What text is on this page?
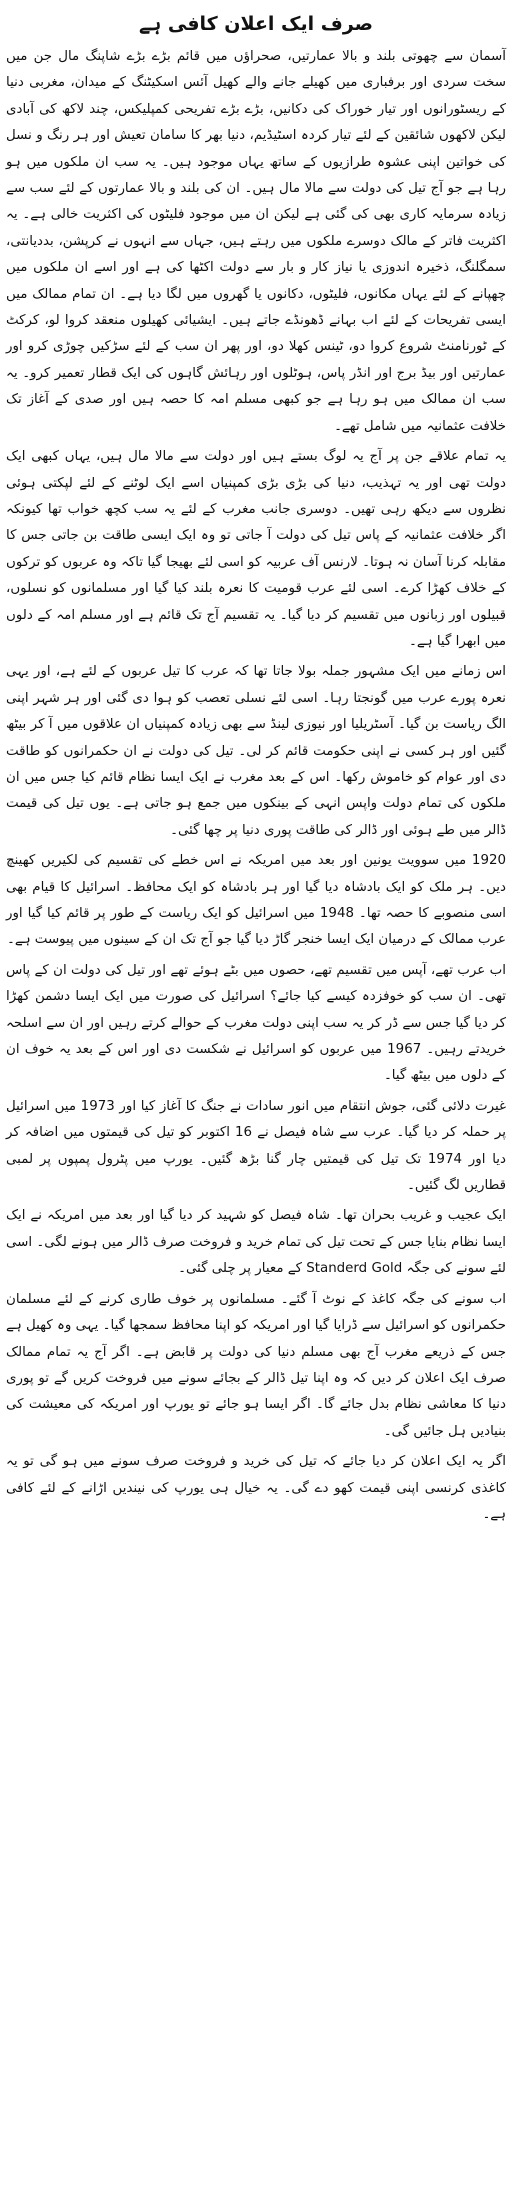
صرف ایک اعلان کافی ہے

آسمان سے چھوتی بلند و بالا عمارتیں، صحراؤں میں قائم بڑے بڑے شاپنگ مال جن میں سخت سردی اور برفباری میں کھیلے جانے والے کھیل آئس اسکیٹنگ کے میدان، مغربی دنیا کے ریسٹورانوں اور تیار خوراک کی دکانیں، بڑے بڑے تفریحی کمپلیکس، چند لاکھ کی آبادی لیکن لاکھوں شائقین کے لئے تیار کردہ اسٹیڈیم، دنیا بھر کا سامان تعیش اور ہر رنگ و نسل کی خواتین اپنی عشوہ طرازیوں کے ساتھ یہاں موجود ہیں۔ یہ سب ان ملکوں میں ہو رہا ہے جو آج تیل کی دولت سے مالا مال ہیں۔ ان کی بلند و بالا عمارتوں کے لئے سب سے زیادہ سرمایہ کاری بھی کی گئی ہے لیکن ان میں موجود فلیٹوں کی اکثریت خالی ہے۔ یہ اکثریت فاتر کے مالک دوسرے ملکوں میں رہتے ہیں، جہاں سے انہوں نے کرپشن، بددیانتی، سمگلنگ، ذخیرہ اندوزی یا نیاز کار و بار سے دولت اکٹھا کی ہے اور اسے ان ملکوں میں چھپانے کے لئے یہاں مکانوں، فلیٹوں، دکانوں یا گھروں میں لگا دیا ہے۔ ان تمام ممالک میں ایسی تفریحات کے لئے اب بہانے ڈھونڈے جاتے ہیں۔ ایشیائی کھیلوں منعقد کروا لو، کرکٹ کے ٹورنامنٹ شروع کروا دو، ٹینس کھلا دو، اور پھر ان سب کے لئے سڑکیں چوڑی کرو اور عمارتیں اور بیڈ برج اور انڈر پاس، ہوٹلوں اور رہائش گاہوں کی ایک قطار تعمیر کرو۔ یہ سب ان ممالک میں ہو رہا ہے جو کبھی مسلم امہ کا حصہ ہیں اور صدی کے آغاز تک خلافت عثمانیہ میں شامل تھے۔

یہ تمام علاقے جن پر آج یہ لوگ بستے ہیں اور دولت سے مالا مال ہیں، یہاں کبھی ایک دولت تھی اور یہ تہذیب، دنیا کی بڑی بڑی کمپنیاں اسے ایک لوٹنے کے لئے لپکتی ہوئی نظروں سے دیکھ رہی تھیں۔ دوسری جانب مغرب کے لئے یہ سب کچھ خواب تھا کیونکہ اگر خلافت عثمانیہ کے پاس تیل کی دولت آ جاتی تو وہ ایک ایسی طاقت بن جاتی جس کا مقابلہ کرنا آسان نہ ہوتا۔ لارنس آف عربیہ کو اسی لئے بھیجا گیا تاکہ وہ عربوں کو ترکوں کے خلاف کھڑا کرے۔ اسی لئے عرب قومیت کا نعرہ بلند کیا گیا اور مسلمانوں کو نسلوں، قبیلوں اور زبانوں میں تقسیم کر دیا گیا۔ یہ تقسیم آج تک قائم ہے اور مسلم امہ کے دلوں میں ابھرا گیا ہے۔

اس زمانے میں ایک مشہور جملہ بولا جاتا تھا کہ عرب کا تیل عربوں کے لئے ہے، اور یہی نعرہ پورے عرب میں گونجتا رہا۔ اسی لئے نسلی تعصب کو ہوا دی گئی اور ہر شہر اپنی الگ ریاست بن گیا۔ آسٹریلیا اور نیوزی لینڈ سے بھی زیادہ کمپنیاں ان علاقوں میں آ کر بیٹھ گئیں اور ہر کسی نے اپنی حکومت قائم کر لی۔ تیل کی دولت نے ان حکمرانوں کو طاقت دی اور عوام کو خاموش رکھا۔ اس کے بعد مغرب نے ایک ایسا نظام قائم کیا جس میں ان ملکوں کی تمام دولت واپس انہی کے بینکوں میں جمع ہو جاتی ہے۔ یوں تیل کی قیمت ڈالر میں طے ہوئی اور ڈالر کی طاقت پوری دنیا پر چھا گئی۔

1920 میں سوویت یونین اور بعد میں امریکہ نے اس خطے کی تقسیم کی لکیریں کھینچ دیں۔ ہر ملک کو ایک بادشاہ دیا گیا اور ہر بادشاہ کو ایک محافظ۔ اسرائیل کا قیام بھی اسی منصوبے کا حصہ تھا۔ 1948 میں اسرائیل کو ایک ریاست کے طور پر قائم کیا گیا اور عرب ممالک کے درمیان ایک ایسا خنجر گاڑ دیا گیا جو آج تک ان کے سینوں میں پیوست ہے۔

اب عرب تھے، آپس میں تقسیم تھے، حصوں میں بٹے ہوئے تھے اور تیل کی دولت ان کے پاس تھی۔ ان سب کو خوفزدہ کیسے کیا جائے؟ اسرائیل کی صورت میں ایک ایسا دشمن کھڑا کر دیا گیا جس سے ڈر کر یہ سب اپنی دولت مغرب کے حوالے کرتے رہیں اور ان سے اسلحہ خریدتے رہیں۔ 1967 میں عربوں کو اسرائیل نے شکست دی اور اس کے بعد یہ خوف ان کے دلوں میں بیٹھ گیا۔

غیرت دلائی گئی، جوش انتقام میں انور سادات نے جنگ کا آغاز کیا اور 1973 میں اسرائیل پر حملہ کر دیا گیا۔ عرب سے شاہ فیصل نے 16 اکتوبر کو تیل کی قیمتوں میں اضافہ کر دیا اور 1974 تک تیل کی قیمتیں چار گنا بڑھ گئیں۔ یورپ میں پٹرول پمپوں پر لمبی قطاریں لگ گئیں۔

ایک عجیب و غریب بحران تھا۔ شاہ فیصل کو شہید کر دیا گیا اور بعد میں امریکہ نے ایک ایسا نظام بنایا جس کے تحت تیل کی تمام خرید و فروخت صرف ڈالر میں ہونے لگی۔ اسی لئے سونے کی جگہ Standerd Gold کے معیار پر چلی گئی۔

اب سونے کی جگہ کاغذ کے نوٹ آ گئے۔ مسلمانوں پر خوف طاری کرنے کے لئے مسلمان حکمرانوں کو اسرائیل سے ڈرایا گیا اور امریکہ کو اپنا محافظ سمجھا گیا۔ یہی وہ کھیل ہے جس کے ذریعے مغرب آج بھی مسلم دنیا کی دولت پر قابض ہے۔ اگر آج یہ تمام ممالک صرف ایک اعلان کر دیں کہ وہ اپنا تیل ڈالر کے بجائے سونے میں فروخت کریں گے تو پوری دنیا کا معاشی نظام بدل جائے گا۔ اگر ایسا ہو جائے تو یورپ اور امریکہ کی معیشت کی بنیادیں ہل جائیں گی۔

اگر یہ ایک اعلان کر دیا جائے کہ تیل کی خرید و فروخت صرف سونے میں ہو گی تو یہ کاغذی کرنسی اپنی قیمت کھو دے گی۔ یہ خیال ہی یورپ کی نیندیں اڑانے کے لئے کافی ہے۔
